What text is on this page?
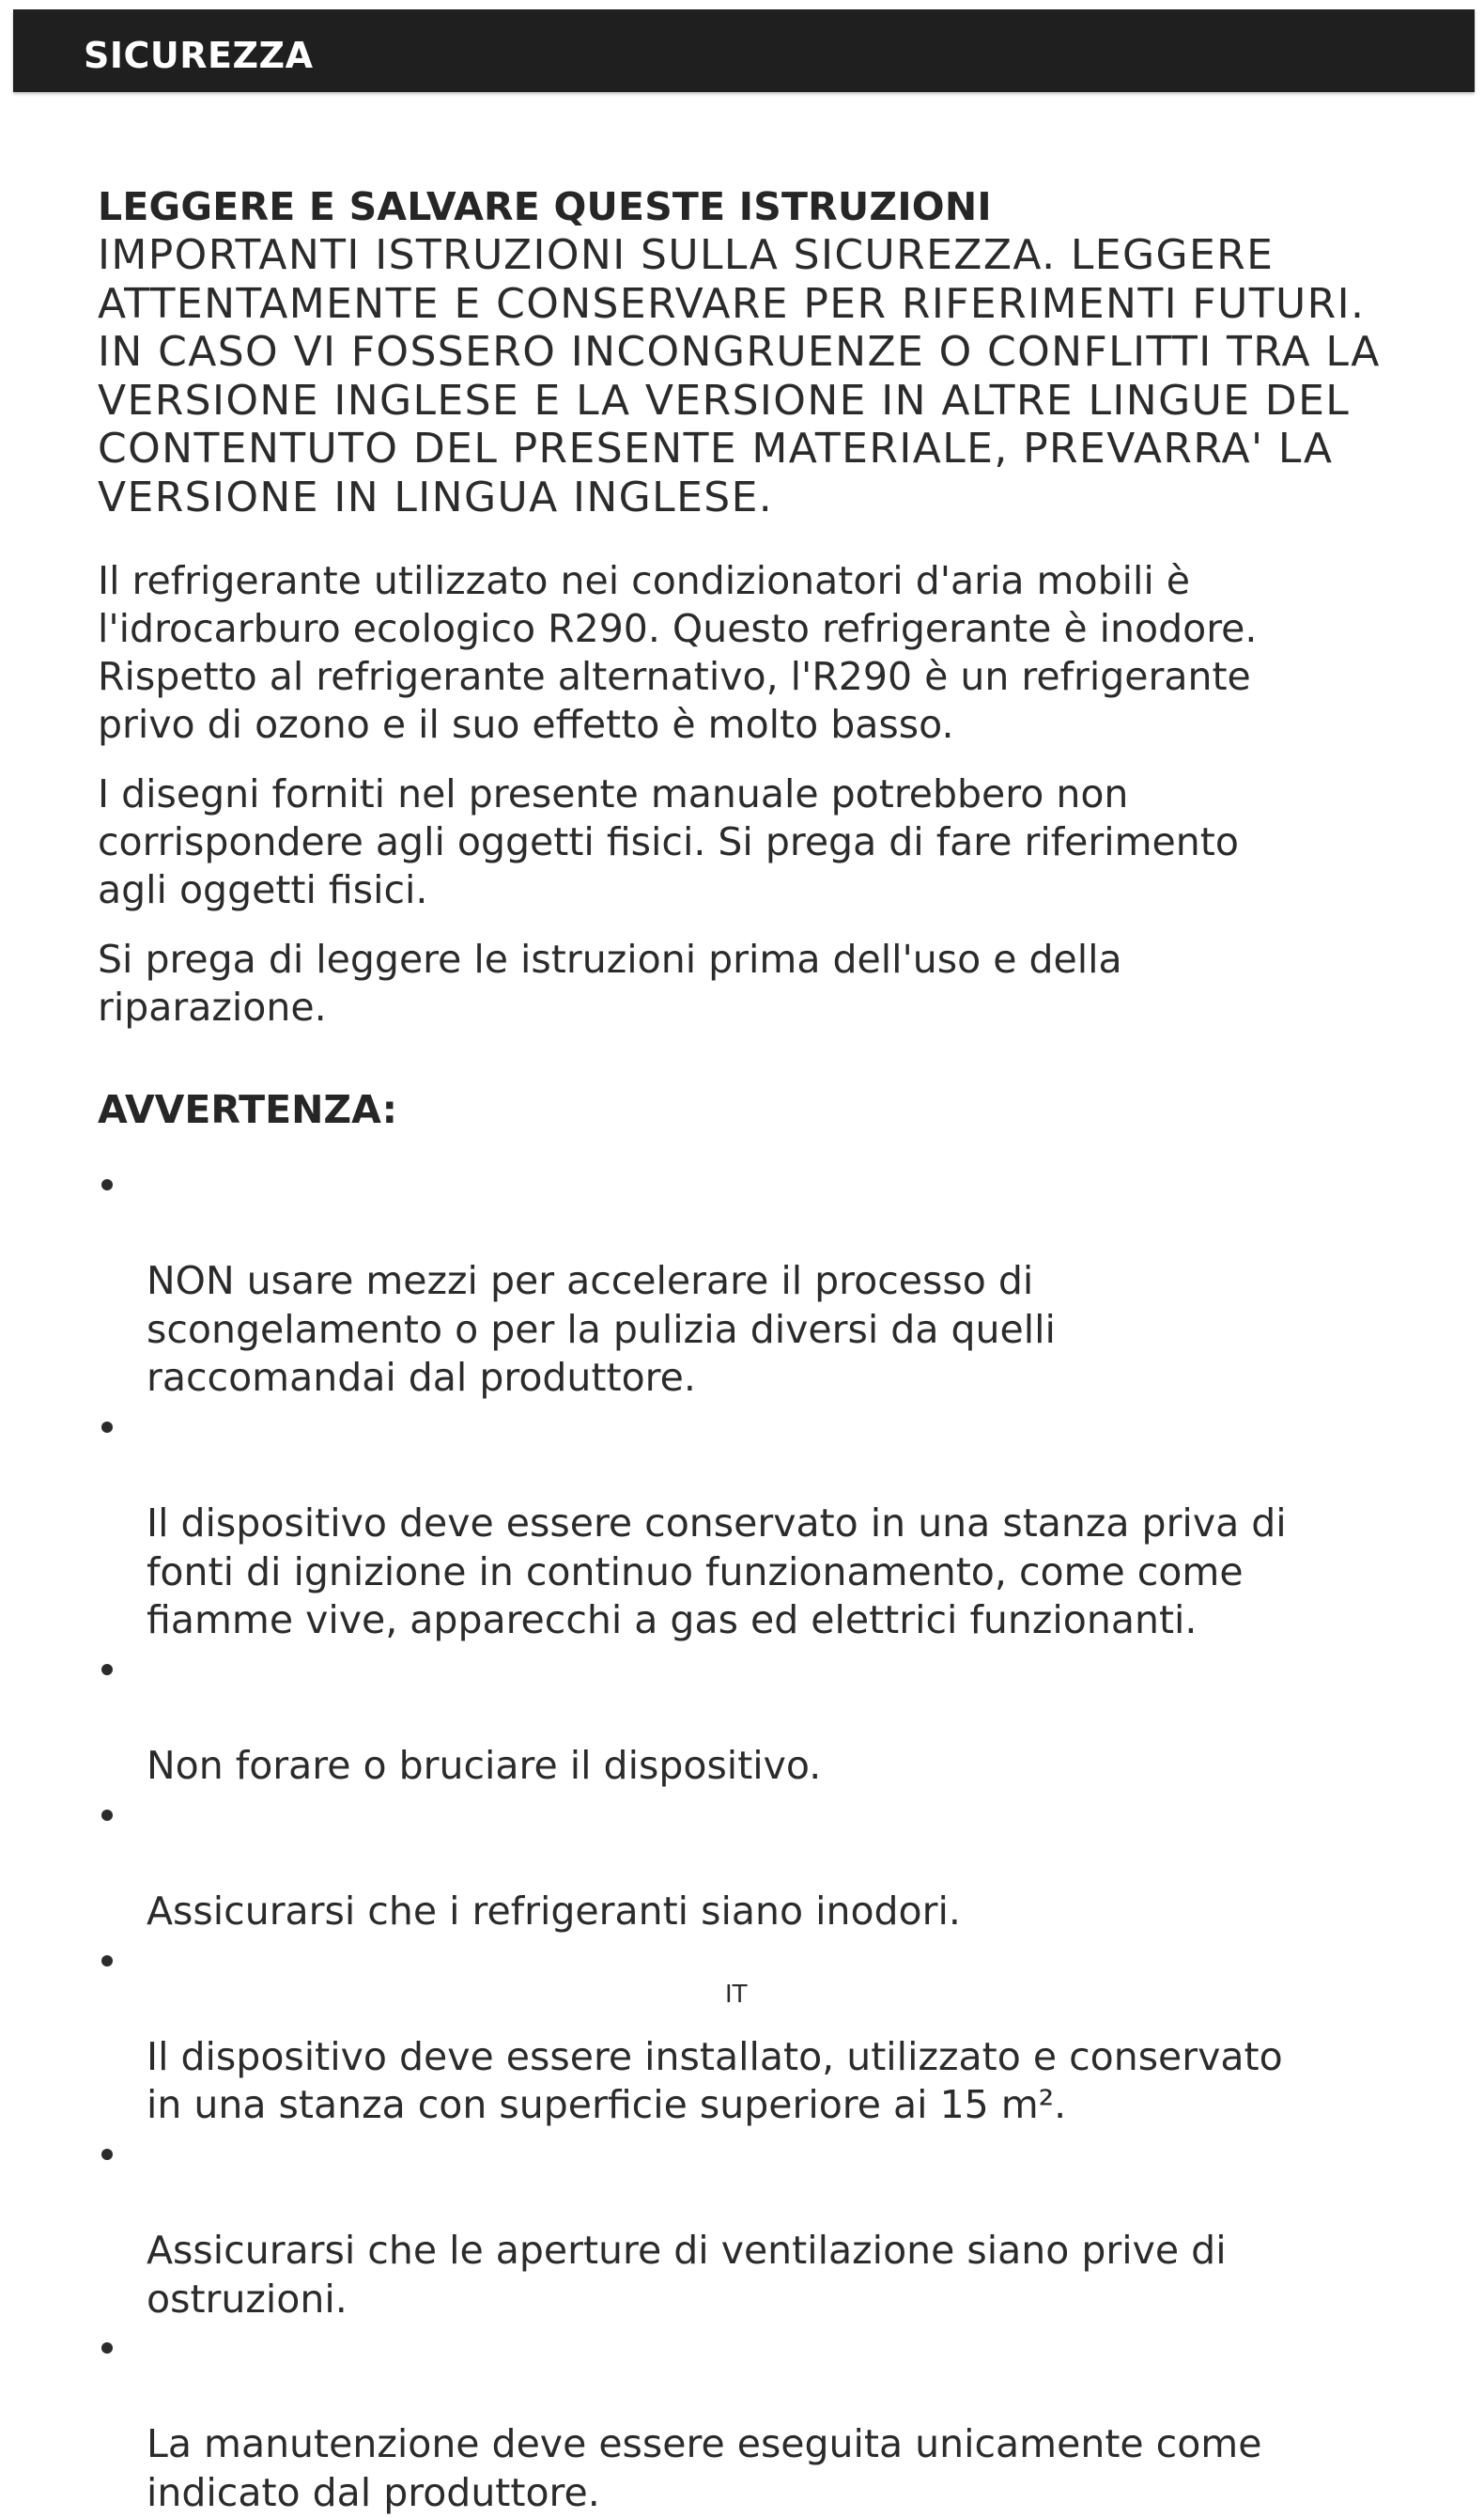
SICUREZZA
LEGGERE E SALVARE QUESTE ISTRUZIONI
IMPORTANTI ISTRUZIONI SULLA SICUREZZA. LEGGERE
ATTENTAMENTE E CONSERVARE PER RIFERIMENTI FUTURI.
IN CASO VI FOSSERO INCONGRUENZE O CONFLITTI TRA LA
VERSIONE INGLESE E LA VERSIONE IN ALTRE LINGUE DEL
CONTENTUTO DEL PRESENTE MATERIALE, PREVARRA' LA
VERSIONE IN LINGUA INGLESE.

Il refrigerante utilizzato nei condizionatori d'aria mobili è
l'idrocarburo ecologico R290. Questo refrigerante è inodore.
Rispetto al refrigerante alternativo, l'R290 è un refrigerante
privo di ozono e il suo effetto è molto basso.

I disegni forniti nel presente manuale potrebbero non
corrispondere agli oggetti fisici. Si prega di fare riferimento
agli oggetti fisici.

Si prega di leggere le istruzioni prima dell'uso e della
riparazione.

AVVERTENZA:

NON usare mezzi per accelerare il processo di
scongelamento o per la pulizia diversi da quelli
raccomandai dal produttore.

Il dispositivo deve essere conservato in una stanza priva di
fonti di ignizione in continuo funzionamento, come come
fiamme vive, apparecchi a gas ed elettrici funzionanti.

Non forare o bruciare il dispositivo.

Assicurarsi che i refrigeranti siano inodori.

Il dispositivo deve essere installato, utilizzato e conservato
in una stanza con superficie superiore ai 15 m².

Assicurarsi che le aperture di ventilazione siano prive di
ostruzioni.

La manutenzione deve essere eseguita unicamente come
indicato dal produttore.

IT
